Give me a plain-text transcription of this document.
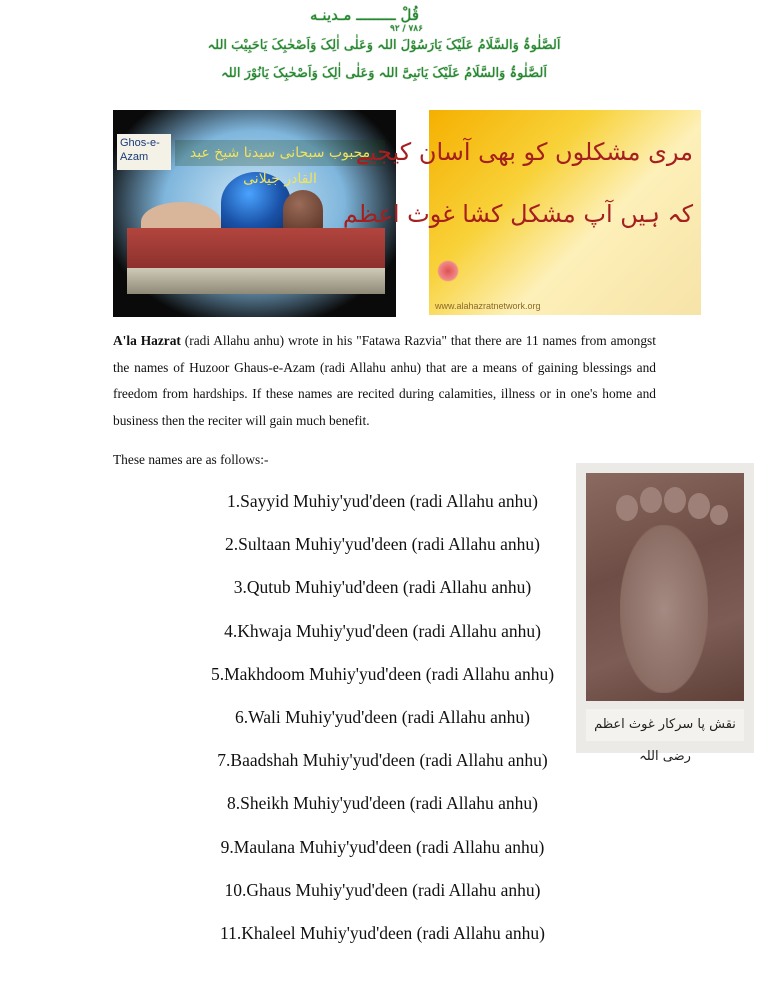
قُلْ ـــــــــ مـدينـه
۷۸۶ / ۹۲
اَلصَّلٰوۃُ وَالسَّلَامُ عَلَیْکَ یَارَسُوْلَ اللہ وَعَلٰی اٰلِکَ وَاَصْحٰبِکَ یَاحَبِیْبَ اللہ
اَلصَّلٰوۃُ وَالسَّلَامُ عَلَیْکَ یَانَبِیَّ اللہ وَعَلٰی اٰلِکَ وَاَصْحٰبِکَ یَانُوْرَ اللہ
Ghos-e-Azam	محبوب سبحانی سیدنا شیخ عبد القادر جیلانی
مری مشکلوں کو بھی آسان کیجیے
کہ ہیں آپ مشکل کشا غوث اعظم
www.alahazratnetwork.org

A'la Hazrat (radi Allahu anhu) wrote in his "Fatawa Razvia" that there are 11 names from amongst the names of Huzoor Ghaus-e-Azam (radi Allahu anhu) that are a means of gaining blessings and freedom from hardships. If these names are recited during calamities, illness or in one's home and business then the reciter will gain much benefit.

These names are as follows:-
1.Sayyid Muhiy'yud'deen (radi Allahu anhu)
2.Sultaan Muhiy'yud'deen (radi Allahu anhu)
3.Qutub Muhiy'ud'deen (radi Allahu anhu)
4.Khwaja Muhiy'yud'deen (radi Allahu anhu)
5.Makhdoom Muhiy'yud'deen (radi Allahu anhu)
6.Wali Muhiy'yud'deen (radi Allahu anhu)
7.Baadshah Muhiy'yud'deen (radi Allahu anhu)
8.Sheikh Muhiy'yud'deen (radi Allahu anhu)
9.Maulana Muhiy'yud'deen (radi Allahu anhu)
10.Ghaus Muhiy'yud'deen (radi Allahu anhu)
11.Khaleel Muhiy'yud'deen (radi Allahu anhu)
نقش پا سرکار غوث اعظم رضی اللہ
